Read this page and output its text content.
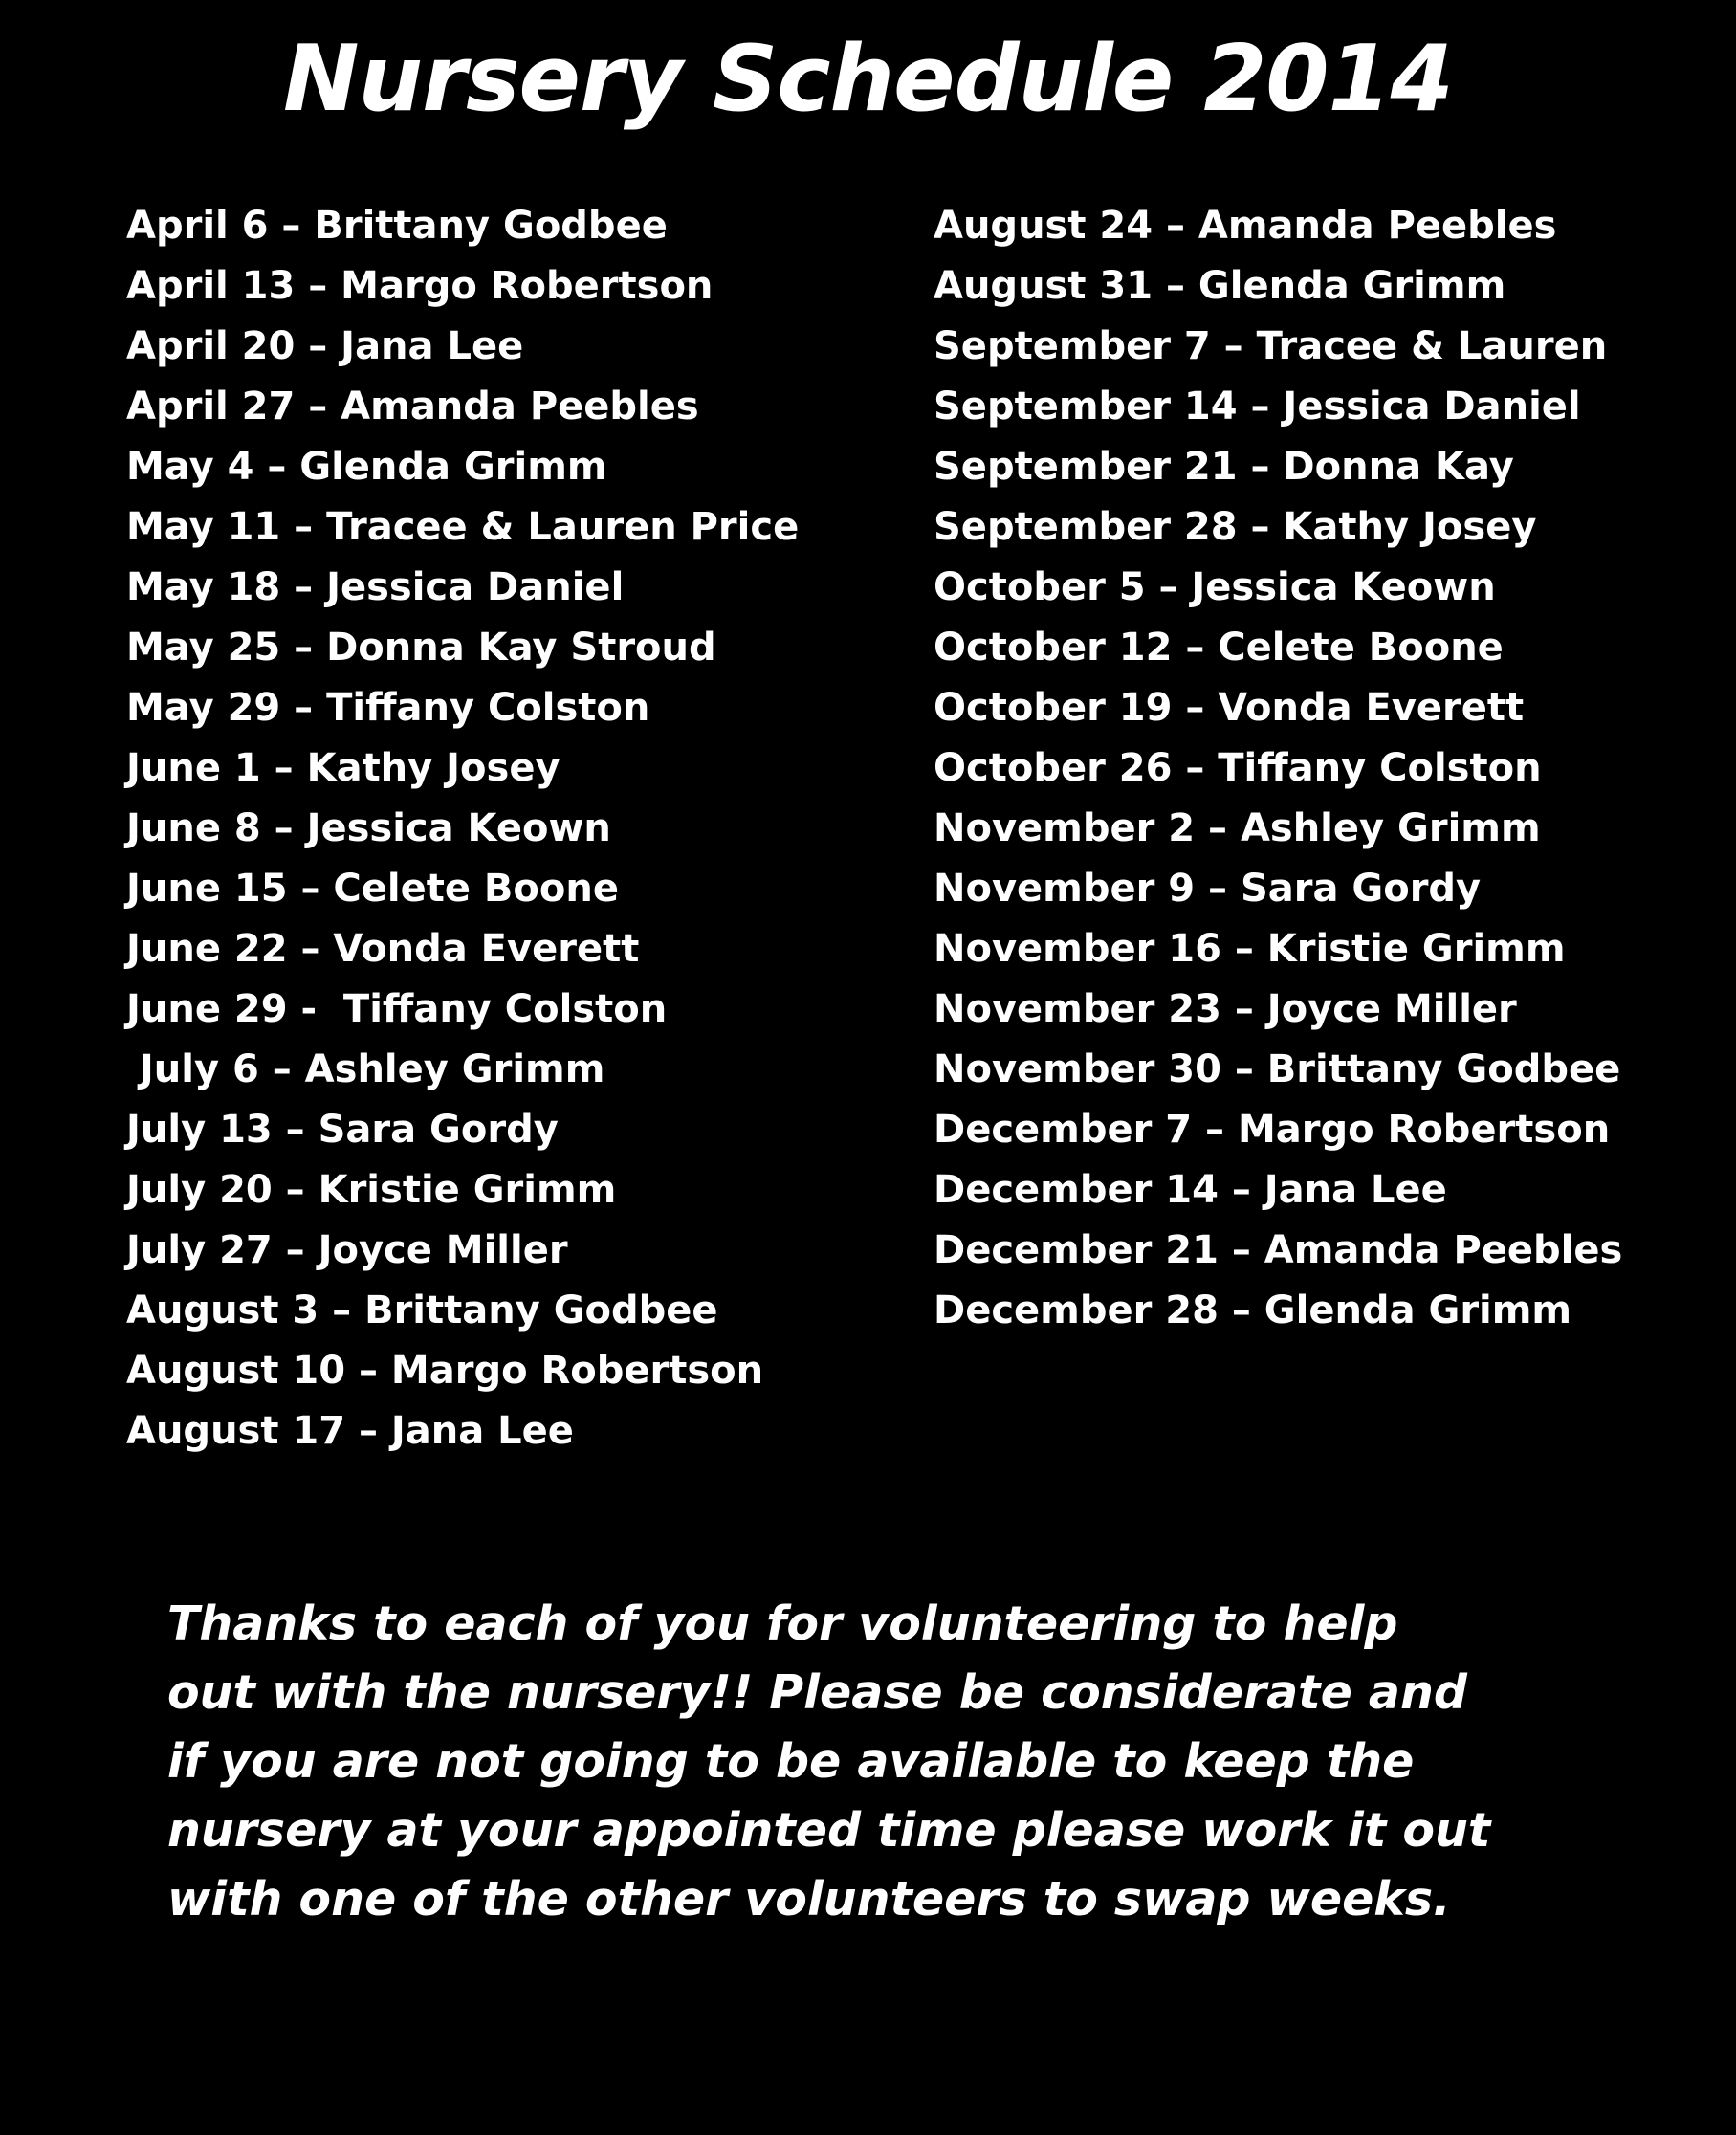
Nursery Schedule 2014
April 6 – Brittany Godbee
April 13 – Margo Robertson
April 20 – Jana Lee
April 27 – Amanda Peebles
May 4 – Glenda Grimm
May 11 – Tracee & Lauren Price
May 18 – Jessica Daniel
May 25 – Donna Kay Stroud
May 29 – Tiffany Colston
June 1 – Kathy Josey
June 8 – Jessica Keown
June 15 – Celete Boone
June 22 – Vonda Everett
June 29 -  Tiffany Colston
July 6 – Ashley Grimm
July 13 – Sara Gordy
July 20 – Kristie Grimm
July 27 – Joyce Miller
August 3 – Brittany Godbee
August 10 – Margo Robertson
August 17 – Jana Lee
August 24 – Amanda Peebles
August 31 – Glenda Grimm
September 7 – Tracee & Lauren
September 14 – Jessica Daniel
September 21 – Donna Kay
September 28 – Kathy Josey
October 5 – Jessica Keown
October 12 – Celete Boone
October 19 – Vonda Everett
October 26 – Tiffany Colston
November 2 – Ashley Grimm
November 9 – Sara Gordy
November 16 – Kristie Grimm
November 23 – Joyce Miller
November 30 – Brittany Godbee
December 7 – Margo Robertson
December 14 – Jana Lee
December 21 – Amanda Peebles
December 28 – Glenda Grimm

Thanks to each of you for volunteering to help
out with the nursery!! Please be considerate and
if you are not going to be available to keep the
nursery at your appointed time please work it out
with one of the other volunteers to swap weeks.
